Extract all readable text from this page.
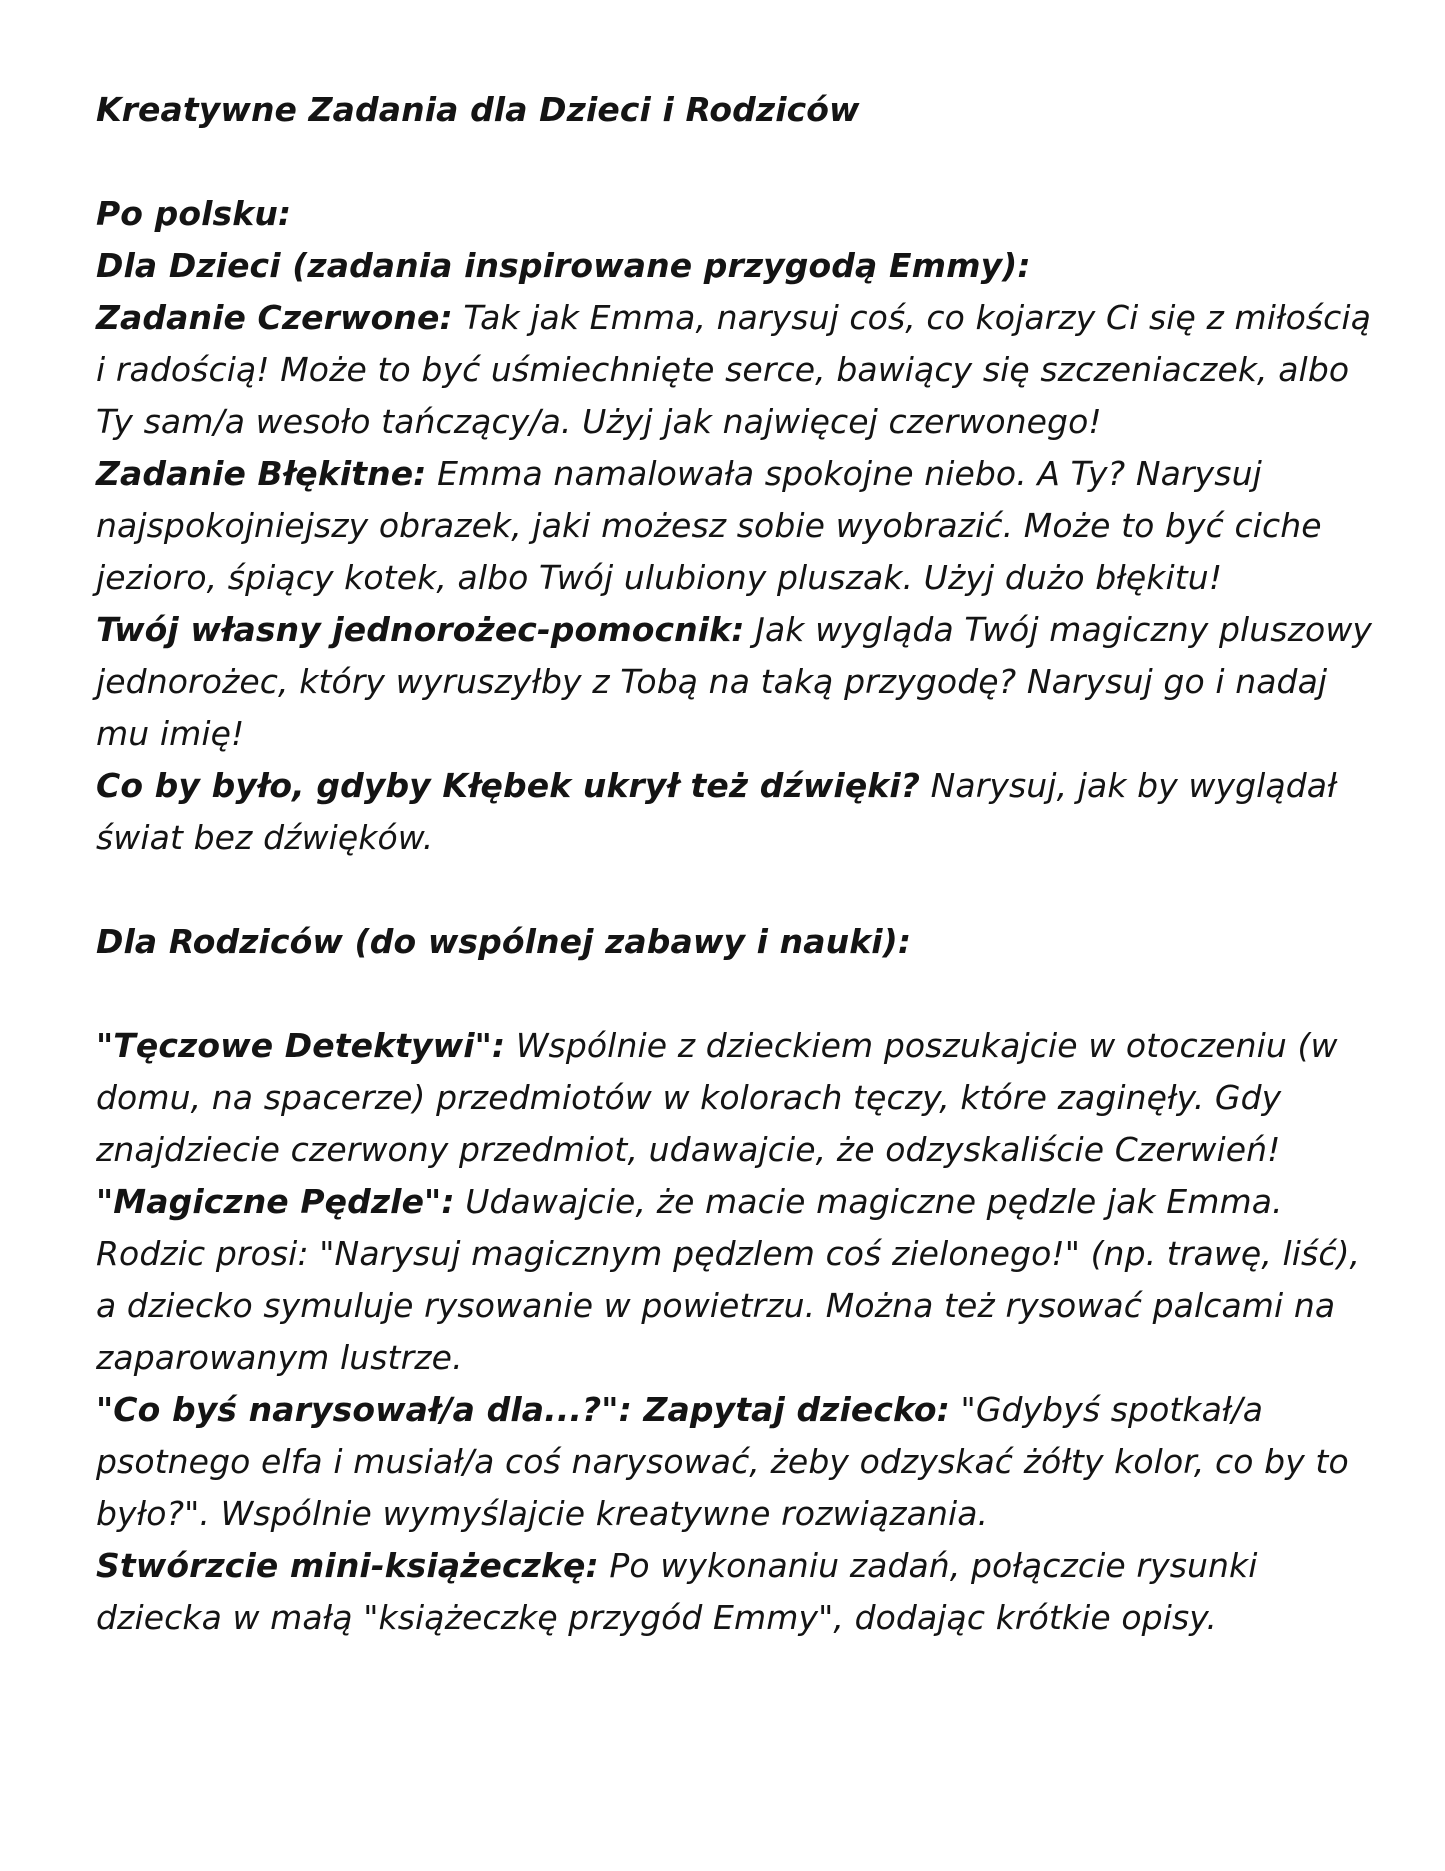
Kreatywne Zadania dla Dzieci i Rodziców

Po polsku:

Dla Dzieci (zadania inspirowane przygodą Emmy):

Zadanie Czerwone: Tak jak Emma, narysuj coś, co kojarzy Ci się z miłością i radością! Może to być uśmiechnięte serce, bawiący się szczeniaczek, albo Ty sam/a wesoło tańczący/a. Użyj jak najwięcej czerwonego!

Zadanie Błękitne: Emma namalowała spokojne niebo. A Ty? Narysuj najspokojniejszy obrazek, jaki możesz sobie wyobrazić. Może to być ciche jezioro, śpiący kotek, albo Twój ulubiony pluszak. Użyj dużo błękitu!

Twój własny jednorożec-pomocnik: Jak wygląda Twój magiczny pluszowy jednorożec, który wyruszyłby z Tobą na taką przygodę? Narysuj go i nadaj mu imię!

Co by było, gdyby Kłębek ukrył też dźwięki? Narysuj, jak by wyglądał świat bez dźwięków.

Dla Rodziców (do wspólnej zabawy i nauki):

"Tęczowe Detektywi": Wspólnie z dzieckiem poszukajcie w otoczeniu (w domu, na spacerze) przedmiotów w kolorach tęczy, które zaginęły. Gdy znajdziecie czerwony przedmiot, udawajcie, że odzyskaliście Czerwień!

"Magiczne Pędzle": Udawajcie, że macie magiczne pędzle jak Emma. Rodzic prosi: "Narysuj magicznym pędzlem coś zielonego!" (np. trawę, liść), a dziecko symuluje rysowanie w powietrzu. Można też rysować palcami na zaparowanym lustrze.

"Co byś narysował/a dla...?": Zapytaj dziecko: "Gdybyś spotkał/a psotnego elfa i musiał/a coś narysować, żeby odzyskać żółty kolor, co by to było?". Wspólnie wymyślajcie kreatywne rozwiązania.

Stwórzcie mini-książeczkę: Po wykonaniu zadań, połączcie rysunki dziecka w małą "książeczkę przygód Emmy", dodając krótkie opisy.
